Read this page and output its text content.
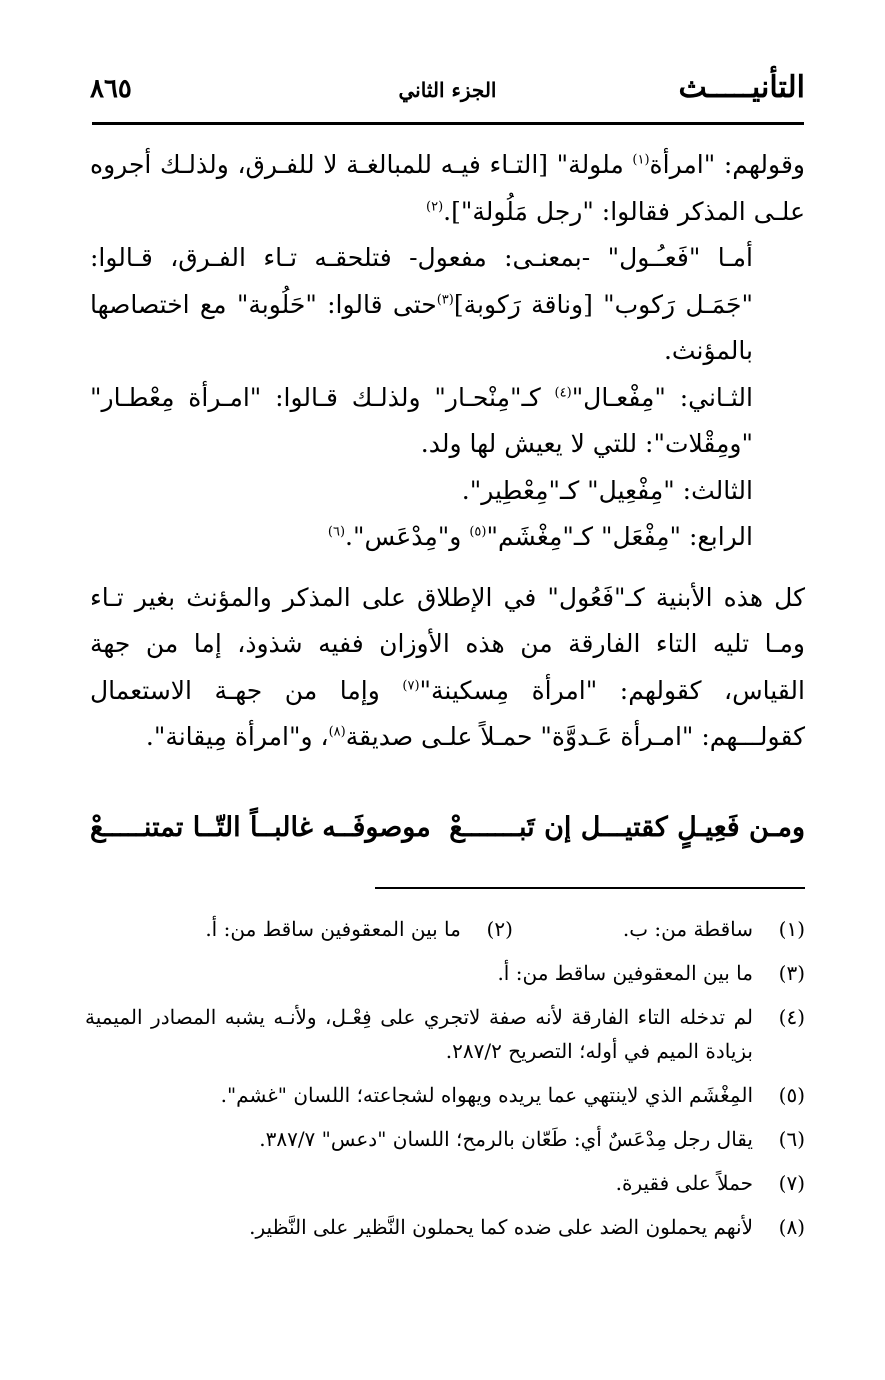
التأنيـــــث
الجزء الثاني
٨٦٥

وقولهم: "امرأة$^{(١)}$ ملولة" [التـاء فيـه للمبالغـة لا للفـرق، ولذلـك أجروه علـى المذكر فقالوا: "رجل مَلُولة"].$^{(٢)}$

أمـا "فَعـُـول" -بمعنـى: مفعول- فتلحقـه تـاء الفـرق، قـالوا: "جَمَـل رَكوب" [وناقة رَكوبة]$^{(٣)}$حتى قالوا: "حَلُوبة" مع اختصاصها بالمؤنث.

الثـاني: "مِفْعـال"$^{(٤)}$ كـ"مِنْحـار" ولذلـك قـالوا: "امـرأة مِعْطـار" "ومِقْلات": للتي لا يعيش لها ولد.

الثالث: "مِفْعِيل" كـ"مِعْطِير".

الرابع: "مِفْعَل" كـ"مِغْشَم"$^{(٥)}$ و"مِدْعَس".$^{(٦)}$

كل هذه الأبنية كـ"فَعُول" في الإطلاق على المذكر والمؤنث بغير تـاء ومـا تليه التاء الفارقة من هذه الأوزان ففيه شذوذ، إما من جهة القياس، كقولهم: "امرأة مِسكينة"$^{(٧)}$ وإما من جهـة الاستعمال كقولـــهم: "امـرأة عَـدوَّة" حمـلاً علـى صديقة$^{(٨)}$، و"امرأة مِيقانة".

ومـن فَعِيـلٍ كقتيـــل إن تَبـــــــعْ
موصوفَــه غالبــاً التّــا تمتنـــــعْ
(١)
ساقطة من: ب.
(٢)
ما بين المعقوفين ساقط من: أ.
(٣)
ما بين المعقوفين ساقط من: أ.
(٤)
لم تدخله التاء الفارقة لأنه صفة لاتجري على فِعْـل، ولأنـه يشبه المصادر الميمية بزيادة الميم في أوله؛ التصريح ٢٨٧/٢.
(٥)
المِغْشَم الذي لاينتهي عما يريده ويهواه لشجاعته؛ اللسان "غشم".
(٦)
يقال رجل مِدْعَسٌ أي: طَعّان بالرمح؛ اللسان "دعس" ٣٨٧/٧.
(٧)
حملاً على فقيرة.
(٨)
لأنهم يحملون الضد على ضده كما يحملون النَّظير على النَّظير.
